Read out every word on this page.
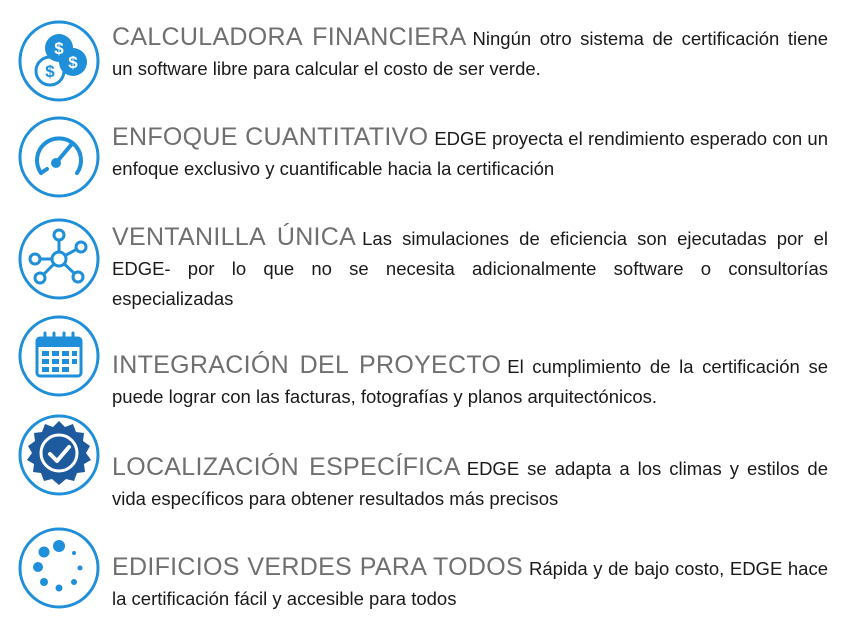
$
$
$
CALCULADORA FINANCIERA Ningún otro sistema de certificación tiene un software libre para calcular el costo de ser verde.
ENFOQUE CUANTITATIVO EDGE proyecta el rendimiento esperado con un enfoque exclusivo y cuantificable hacia la certificación
VENTANILLA ÚNICA Las simulaciones de eficiencia son ejecutadas por el EDGE- por lo que no se necesita adicionalmente software o consultorías especializadas
INTEGRACIÓN DEL PROYECTO El cumplimiento de la certificación se puede lograr con las facturas, fotografías y planos arquitectónicos.
LOCALIZACIÓN ESPECÍFICA EDGE se adapta a los climas y estilos de vida específicos para obtener resultados más precisos
EDIFICIOS VERDES PARA TODOS Rápida y de bajo costo, EDGE hace la certificación fácil y accesible para todos
